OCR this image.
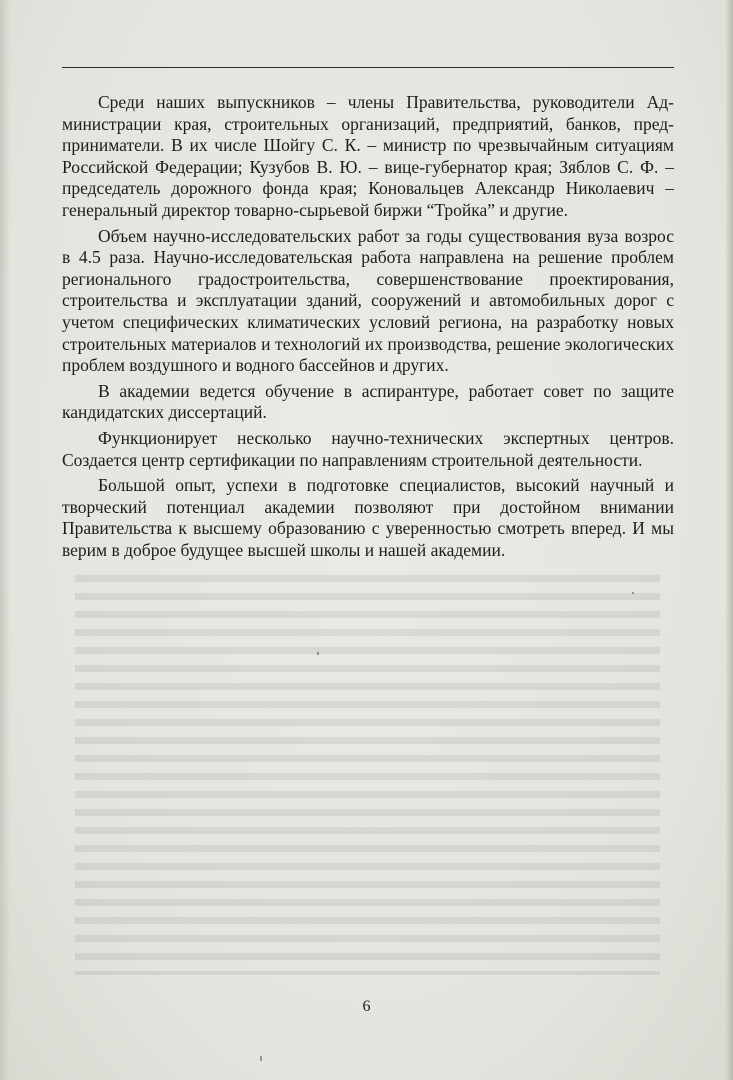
Среди наших выпускников – члены Правительства, руководители Администрации края, строительных организаций, предприятий, банков, предприниматели. В их числе Шойгу С. К. – министр по чрезвычайным ситуациям Российской Федерации; Кузубов В. Ю. – вице-губернатор края; Зяблов С. Ф. – председатель дорожного фонда края; Коновальцев Александр Николаевич – генеральный директор товарно-сырьевой биржи “Тройка” и другие.

Объем научно-исследовательских работ за годы существования вуза возрос в 4.5 раза. Научно-исследовательская работа направлена на решение проблем регионального градостроительства, совершенствование проектирования, строительства и эксплуатации зданий, сооружений и автомобильных дорог с учетом специфических климатических условий региона, на разработку новых строительных материалов и технологий их производства, решение экологических проблем воздушного и водного бассейнов и других.

В академии ведется обучение в аспирантуре, работает совет по защите кандидатских диссертаций.

Функционирует несколько научно-технических экспертных центров. Создается центр сертификации по направлениям строительной деятельности.

Большой опыт, успехи в подготовке специалистов, высокий научный и творческий потенциал академии позволяют при достойном внимании Правительства к высшему образованию с уверенностью смотреть вперед. И мы верим в доброе будущее высшей школы и нашей академии.

6
